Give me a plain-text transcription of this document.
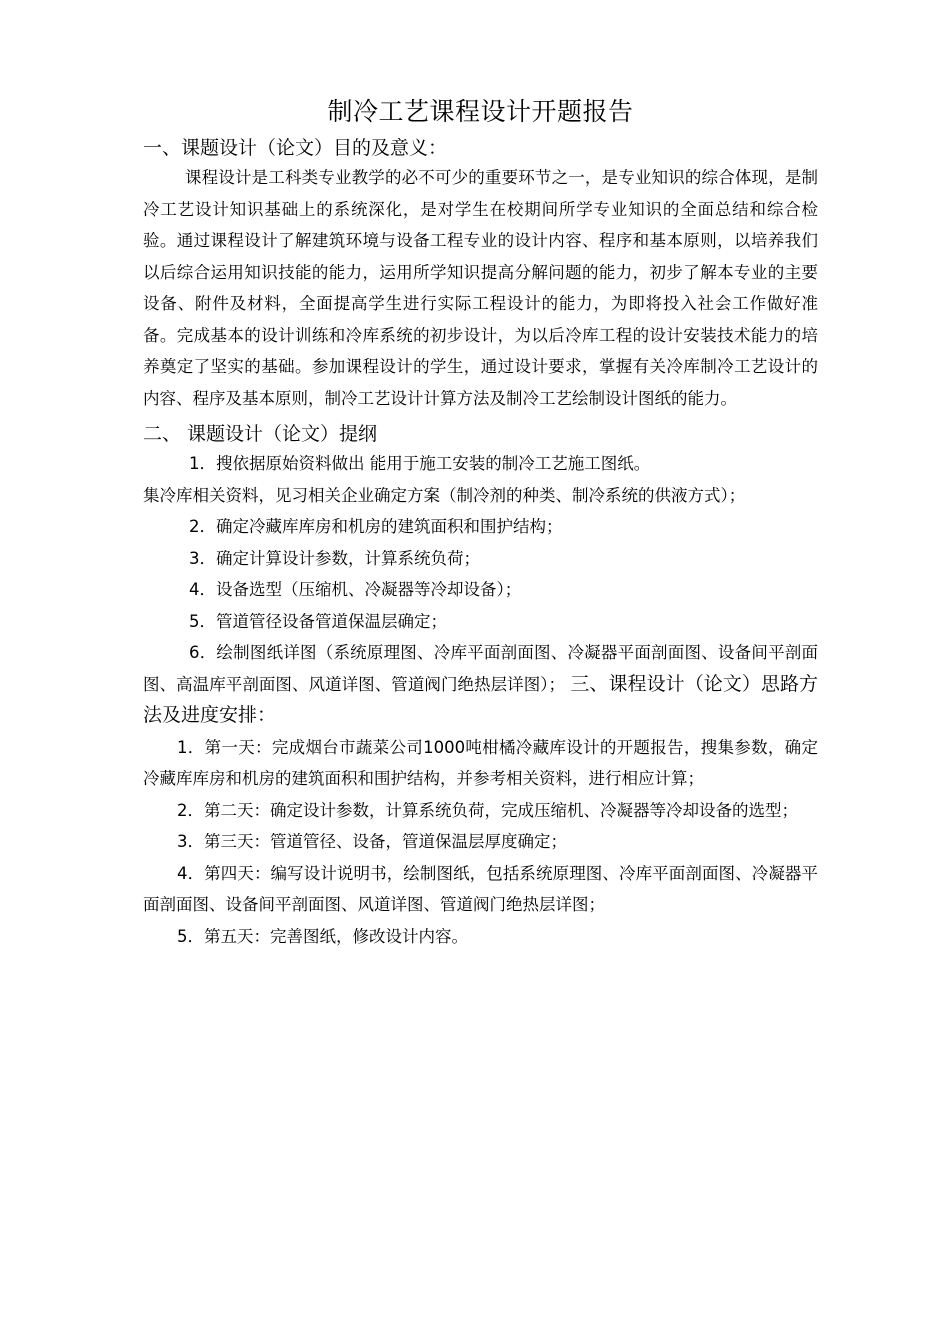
制冷工艺课程设计开题报告
一、课题设计（论文）目的及意义：

课程设计是工科类专业教学的必不可少的重要环节之一，是专业知识的综合体现，是制冷工艺设计知识基础上的系统深化，是对学生在校期间所学专业知识的全面总结和综合检验。通过课程设计了解建筑环境与设备工程专业的设计内容、程序和基本原则，以培养我们以后综合运用知识技能的能力，运用所学知识提高分解问题的能力，初步了解本专业的主要设备、附件及材料，全面提高学生进行实际工程设计的能力，为即将投入社会工作做好准备。完成基本的设计训练和冷库系统的初步设计，为以后冷库工程的设计安装技术能力的培养奠定了坚实的基础。参加课程设计的学生，通过设计要求，掌握有关冷库制冷工艺设计的内容、程序及基本原则，制冷工艺设计计算方法及制冷工艺绘制设计图纸的能力。

二、 课题设计（论文）提纲

1．搜依据原始资料做出 能用于施工安装的制冷工艺施工图纸。

集冷库相关资料，见习相关企业确定方案（制冷剂的种类、制冷系统的供液方式）；

2．确定冷藏库库房和机房的建筑面积和围护结构；

3．确定计算设计参数，计算系统负荷；

4．设备选型（压缩机、冷凝器等冷却设备）；

5．管道管径设备管道保温层确定；

6．绘制图纸详图（系统原理图、冷库平面剖面图、冷凝器平面剖面图、设备间平剖面图、高温库平剖面图、风道详图、管道阀门绝热层详图）； 三、课程设计（论文）思路方法及进度安排：

1．第一天：完成烟台市蔬菜公司1000吨柑橘冷藏库设计的开题报告，搜集参数，确定冷藏库库房和机房的建筑面积和围护结构，并参考相关资料，进行相应计算；

2．第二天：确定设计参数，计算系统负荷，完成压缩机、冷凝器等冷却设备的选型；

3．第三天：管道管径、设备，管道保温层厚度确定；

4．第四天：编写设计说明书，绘制图纸，包括系统原理图、冷库平面剖面图、冷凝器平面剖面图、设备间平剖面图、风道详图、管道阀门绝热层详图；

5．第五天：完善图纸，修改设计内容。
